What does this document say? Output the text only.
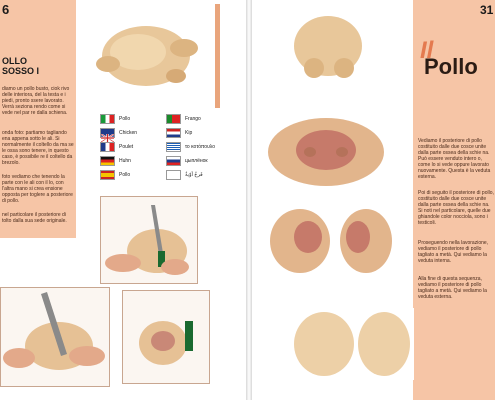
6
OLLO
SOSSO I
diamo un pollo busto, ciok rivo delle interiora, del la testa e i piedi, pronto ssere lavorato. Verrà seziona rendo come si vede nel par re dalla schiena.
onda foto: partiamo tagliando ena appena sotto le ali. Si normalmente il coltello da ma se le ossa sono tenere, in questo caso, è possibile re il coltello da brezolo.
foto vediamo che tenendo la parte con le ali con il lo, con l'altra mano si crea ensione opposta per toglere a posteriore di pollo.
nel particolare il posteriore di tolto dalla sua sede originale.
Pollo
Chicken
Poulet
Huhn
Pollo
Frango
Kip
το κοτόπουλο
цыплёнок
فَرخُ أوّيةٌ
31
Il
Pollo
Vediamo il posteriore di pollo costituito dalle due cosce unite dalla parte ossea della schie na. Può essere venduto intero o, come lo si vede oppure lavorato nuovamente. Questa è la veduta esterna.
Poi di seguito il posteriore di pollo, costituito dalle due cosce unite dalla parte ossea della schie na. Si noti nel particolare, quelle due ghiandole color nocciola, sono i testicoli.
Proseguendo nella lavorazione, vediamo il posteriore di pollo tagliato a metà. Qui vediamo la veduta interna.
Alla fine di questa sequenza, vediamo il posteriore di pollo tagliato a metà. Qui vediamo la veduta esterna.
